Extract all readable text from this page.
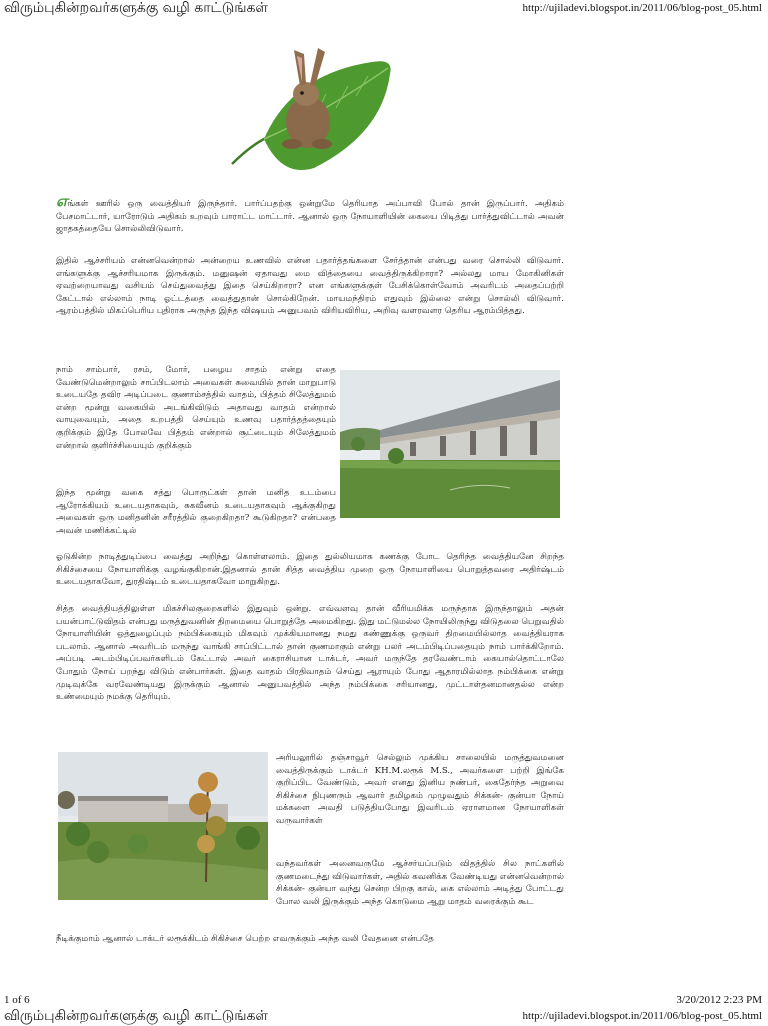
விரும்புகின்றவர்களுக்கு வழி காட்டுங்கள்	http://ujiladevi.blogspot.in/2011/06/blog-post_05.html

எங்கள் ஊரில் ஒரு வைத்தியர் இருந்தார். பார்ப்பதற்கு ஒன்றுமே தெரியாத அப்பாவி போல் தான் இருப்பார். அதிகம் பேசமாட்டார், யாரோடும் அதிகம் உறவும் பாராட்ட மாட்டார். ஆனால் ஒரு நோயாளியின் கையை பிடித்து பார்த்துவிட்டால் அவன் ஜாதகத்தையே சொல்லிவிடுவார்.

இதில் ஆச்சரியம் என்னவென்றால் அன்றைய உணவில் என்ன பதார்த்தங்களை சேர்த்தான் என்பது வரை சொல்லி விடுவார். எங்களுக்கு ஆச்சரியமாக இருக்கும். மனுஷன் ஏதாவது மை வித்தையை வைத்திருக்கிறாரா? அல்லது மாய மோகினிகள் ஏவற்றையாவது வசியம் செய்துவைத்து இதை செய்கிறாரா? என எங்களுக்குள் பேசிக்கொள்வோம் அவரிடம் அதைப்பற்றி கேட்டால் எல்லாம் நாடி ஓட்டத்தை வைத்துதான் சொல்கிறேன். மாயமந்திரம் எதுவும் இல்லை என்று சொல்லி விடுவார். ஆரம்பத்தில் மிகப்பெரிய புதிராக அருந்த இந்த விஷயம் அனுபவம் விரியவிரிய, அறிவு வளரவளர தெரிய ஆரம்பித்தது.
நாம் சாம்பார், ரசம், மோர், பழைய சாதம் என்று எதை வேண்டுமென்றாலும் சாப்பிடலாம் அவைகள் சுவையில் தான் மாறுபாடு உடையதே தவிர அடிப்படை குணாம்சத்தில் வாதம், பித்தம் சிலேத்துமம் என்ற மூன்று வகையில் அடங்கிவிடும் அதாவது வாதம் என்றால் வாயுவையும், அதை உறபத்தி செய்யும் உணவு பதார்த்தத்தையும் குறிக்கும் இதே போலவே பித்தம் என்றால் சூட்டையும் சிலேத்துமம் என்றால் குளிர்ச்சியையும் குறிக்கும்
இந்த மூன்று வகை சத்து பொருட்கள் தான் மனித உடம்பை ஆரோக்கியம் உடையதாகவும், சுகவீனம் உடையதாகவும் ஆக்குகிறது அவைகள் ஒரு மனிதனின் சரீரத்தில் குறைகிறதா? கூடுகிறதா? என்பதை அவன் மணிக்கட்டில்
ஓடுகின்ற நாடித்துடிப்பை வைத்து அறிந்து கொள்ளலாம். இதை துல்லியமாக கணக்கு போட தெரிந்த வைத்தியனே சிறந்த சிகிச்சையை நோயாளிக்கு வழங்குகிறான்.இதனால் தான் சித்த வைத்திய முறை ஒரு நோயாளியை பொறுத்தவரை அதிர்ஷ்டம் உடையதாகவோ, துரதிஷ்டம் உடையதாகவோ மாறுகிறது.
சித்த வைத்தியத்திலுள்ள மிகச்சிலகுறைகளில் இதுவும் ஒன்று. எவ்வளவு தான் வீரியமிக்க மருந்தாக இருந்தாலும் அதன் பயன்பாட்டுவிதம் என்பது மருத்துவனின் திறமையை பொறுத்தே அமைகிறது. இது மட்டுமல்ல நோயிலிருந்து விடுதலை பெறுவதில் நோயாளியின் ஒத்துழைப்பும் நம்பிக்கையும் மிகவும் முக்கியமானது நமது கண்ணுக்கு ஒருவர் திறமையில்லாத வைத்தியராக படலாம். ஆனால் அவரிடம் மருந்து வாங்கி சாப்பிட்டால் தான் குணமாகும் என்று பலர் அடம்பிடிப்பதையும் நாம் பார்க்கிறோம். அப்படி அடம்பிடிப்பவர்களிடம் கேட்டால் அவர் கைராசியான டாக்டர், அவர் மருந்தே தரவேண்டாம் கையால்தொட்டாலே போதும் நோய் பறந்து விடும் என்பார்கள். இதை வாதம் பிரதிவாதம் செய்து ஆராயும் போது ஆதாரமில்லாத நம்பிக்கை என்று முடிவுக்கே வரவேண்டியது இருக்கும் ஆனால் அனுபவத்தில் அந்த நம்பிக்கை சரியானது, முட்டாள்தனமானதல்ல என்ற உண்மையும் நமக்கு தெரியும்.
அரியலூரில் தஞ்சாவூர் செல்லும் முக்கிய சாலையில் மருத்துவமனை வைத்திருக்கும் டாக்டர் KH.M.லரூக் M.S., அவர்களை பற்றி இங்கே குறிப்பிட வேண்டும், அவர் எனது இனிய நண்பர், கைதேர்ந்த அறுவை சிகிச்சை நிபுணரும் ஆவார் தமிழகம் முழுவதும் சிக்கன்- குன்யா நோய் மக்களை அவதி படுத்தியபோது இவரிடம் ஏராளமான நோயாளிகள் வருவார்கள்
வந்தவர்கள் அனைவருமே ஆச்சர்யப்படும் விதத்தில் சில நாட்களில் குணமடைந்து விடுவார்கள், அதில் கவனிக்க வேண்டியது என்னவென்றால் சிக்கன்- குன்யா வந்து சென்ற பிறகு கால், கை எல்லாம் அடித்து போட்டது போல வலி இருக்கும் அந்த கொடுமை ஆறு மாதம் வரைக்கும் கூட
நீடிக்குமாம் ஆனால் டாக்டர் லரூக்கிடம் சிகிச்சை பெற்ற எவருக்கும் அந்த வலி வேதனை என்பதே
1 of 6	3/20/2012 2:23 PM
விரும்புகின்றவர்களுக்கு வழி காட்டுங்கள்	http://ujiladevi.blogspot.in/2011/06/blog-post_05.html
